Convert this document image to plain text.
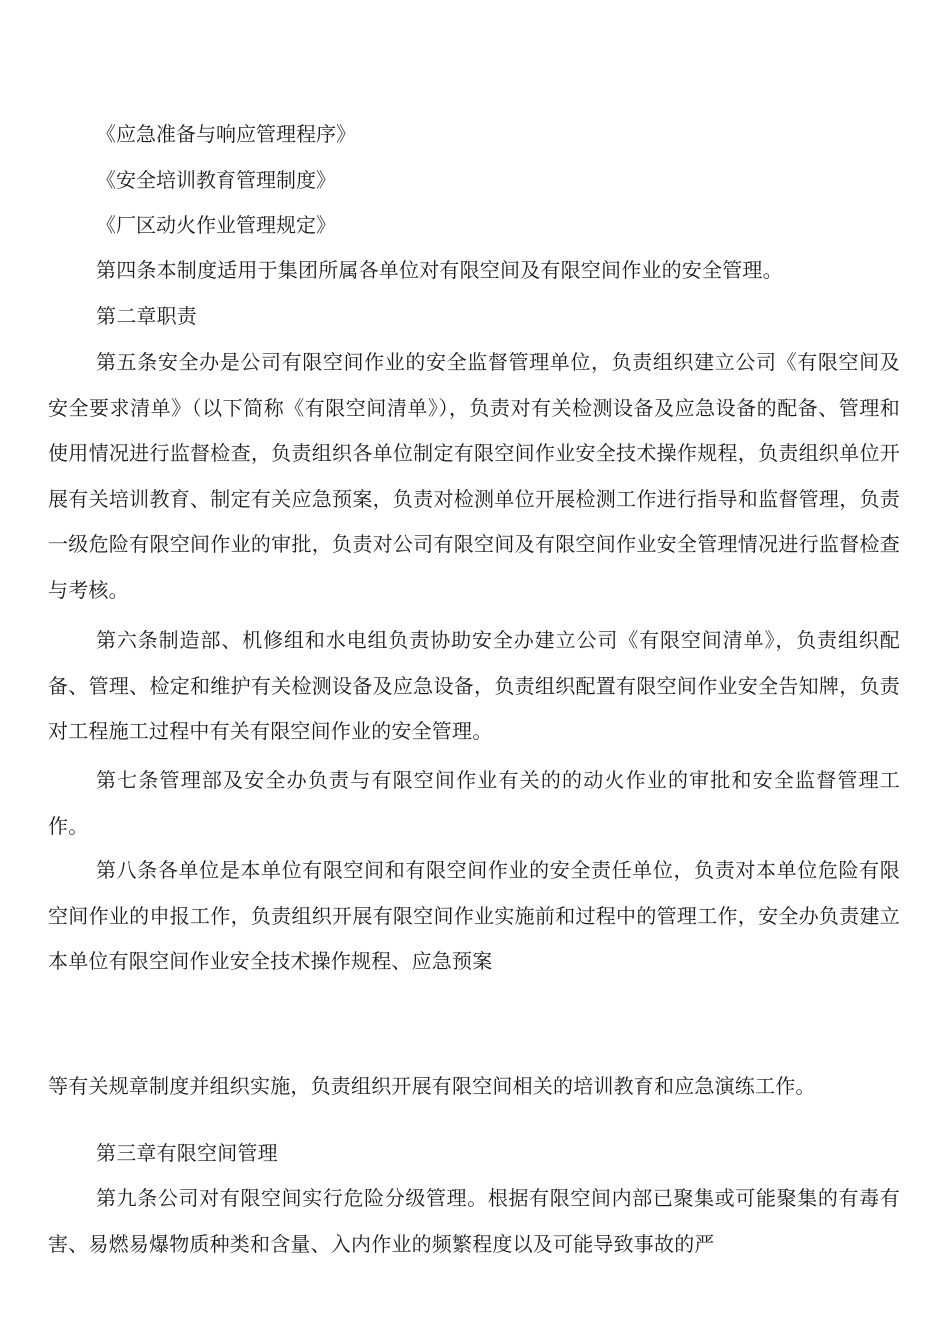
《应急准备与响应管理程序》
《安全培训教育管理制度》
《厂区动火作业管理规定》
第四条本制度适用于集团所属各单位对有限空间及有限空间作业的安全管理。
第二章职责
第五条安全办是公司有限空间作业的安全监督管理单位，负责组织建立公司《有限空间及安全要求清单》（以下简称《有限空间清单》），负责对有关检测设备及应急设备的配备、管理和使用情况进行监督检查，负责组织各单位制定有限空间作业安全技术操作规程，负责组织单位开展有关培训教育、制定有关应急预案，负责对检测单位开展检测工作进行指导和监督管理，负责一级危险有限空间作业的审批，负责对公司有限空间及有限空间作业安全管理情况进行监督检查与考核。
第六条制造部、机修组和水电组负责协助安全办建立公司《有限空间清单》，负责组织配备、管理、检定和维护有关检测设备及应急设备，负责组织配置有限空间作业安全告知牌，负责对工程施工过程中有关有限空间作业的安全管理。
第七条管理部及安全办负责与有限空间作业有关的的动火作业的审批和安全监督管理工作。
第八条各单位是本单位有限空间和有限空间作业的安全责任单位，负责对本单位危险有限空间作业的申报工作，负责组织开展有限空间作业实施前和过程中的管理工作，安全办负责建立本单位有限空间作业安全技术操作规程、应急预案
等有关规章制度并组织实施，负责组织开展有限空间相关的培训教育和应急演练工作。
第三章有限空间管理
第九条公司对有限空间实行危险分级管理。根据有限空间内部已聚集或可能聚集的有毒有害、易燃易爆物质种类和含量、入内作业的频繁程度以及可能导致事故的严
